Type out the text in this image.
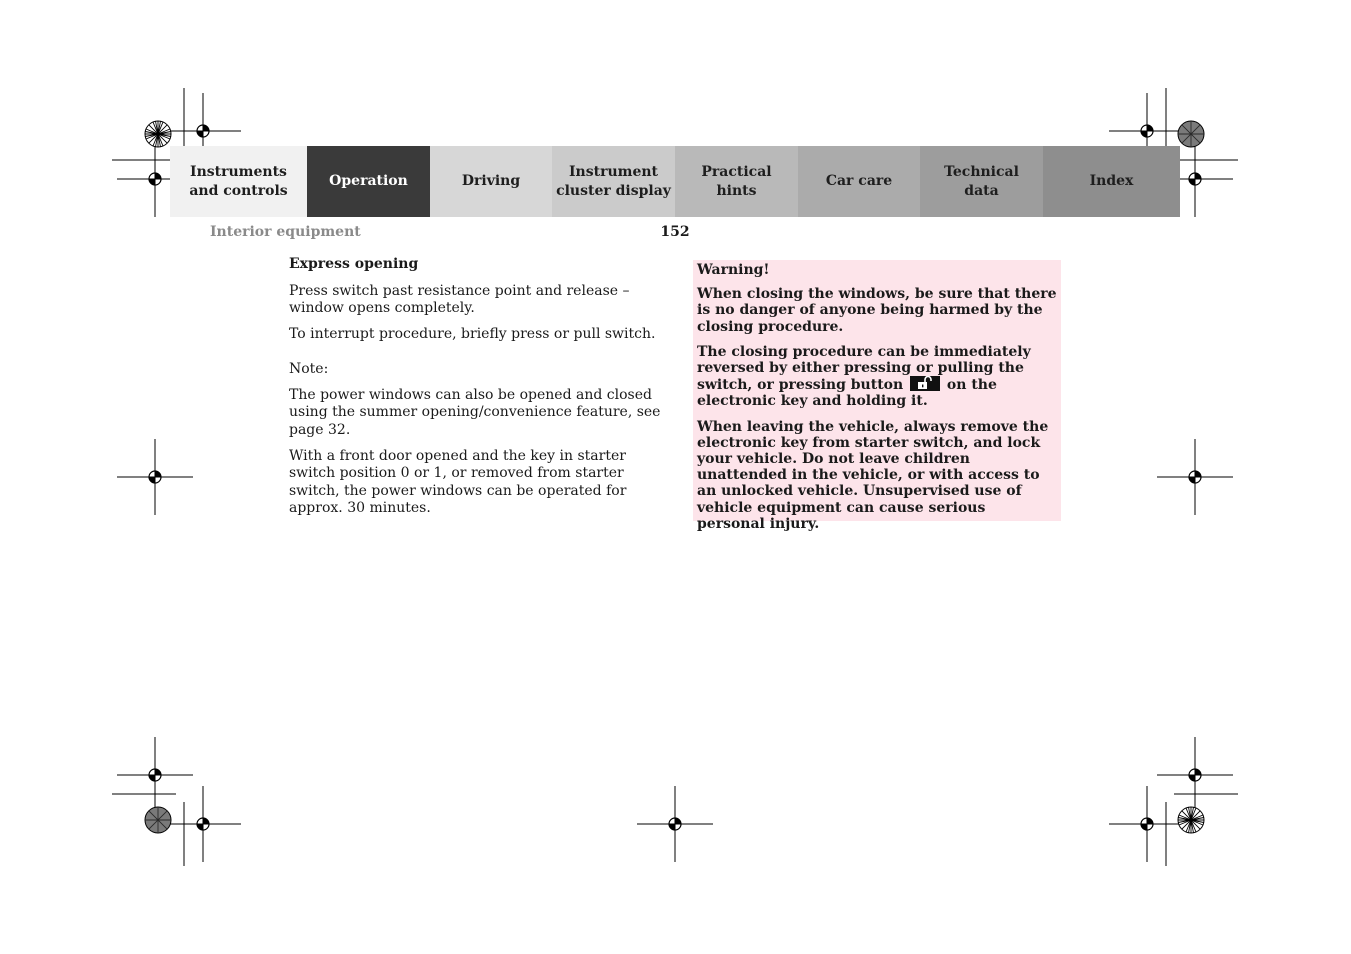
Instruments
and controls
Operation	Driving
Instrument
cluster display
Practical hints
Car care
Technical
data
Index
Interior equipment	152

Express opening

Press switch past resistance point and release – window opens completely.

To interrupt procedure, briefly press or pull switch.

Note:

The power windows can also be opened and closed using the summer opening/convenience feature, see page 32.

With a front door opened and the key in starter switch position 0 or 1, or removed from starter switch, the power windows can be operated for approx. 30 minutes.

Warning!

When closing the windows, be sure that there is no danger of anyone being harmed by the closing procedure.

The closing procedure can be immediately reversed by either pressing or pulling the switch, or pressing button	on the electronic key and holding it.

When leaving the vehicle, always remove the electronic key from starter switch, and lock your vehicle. Do not leave children unattended in the vehicle, or with access to an unlocked vehicle. Unsupervised use of vehicle equipment can cause serious personal injury.
